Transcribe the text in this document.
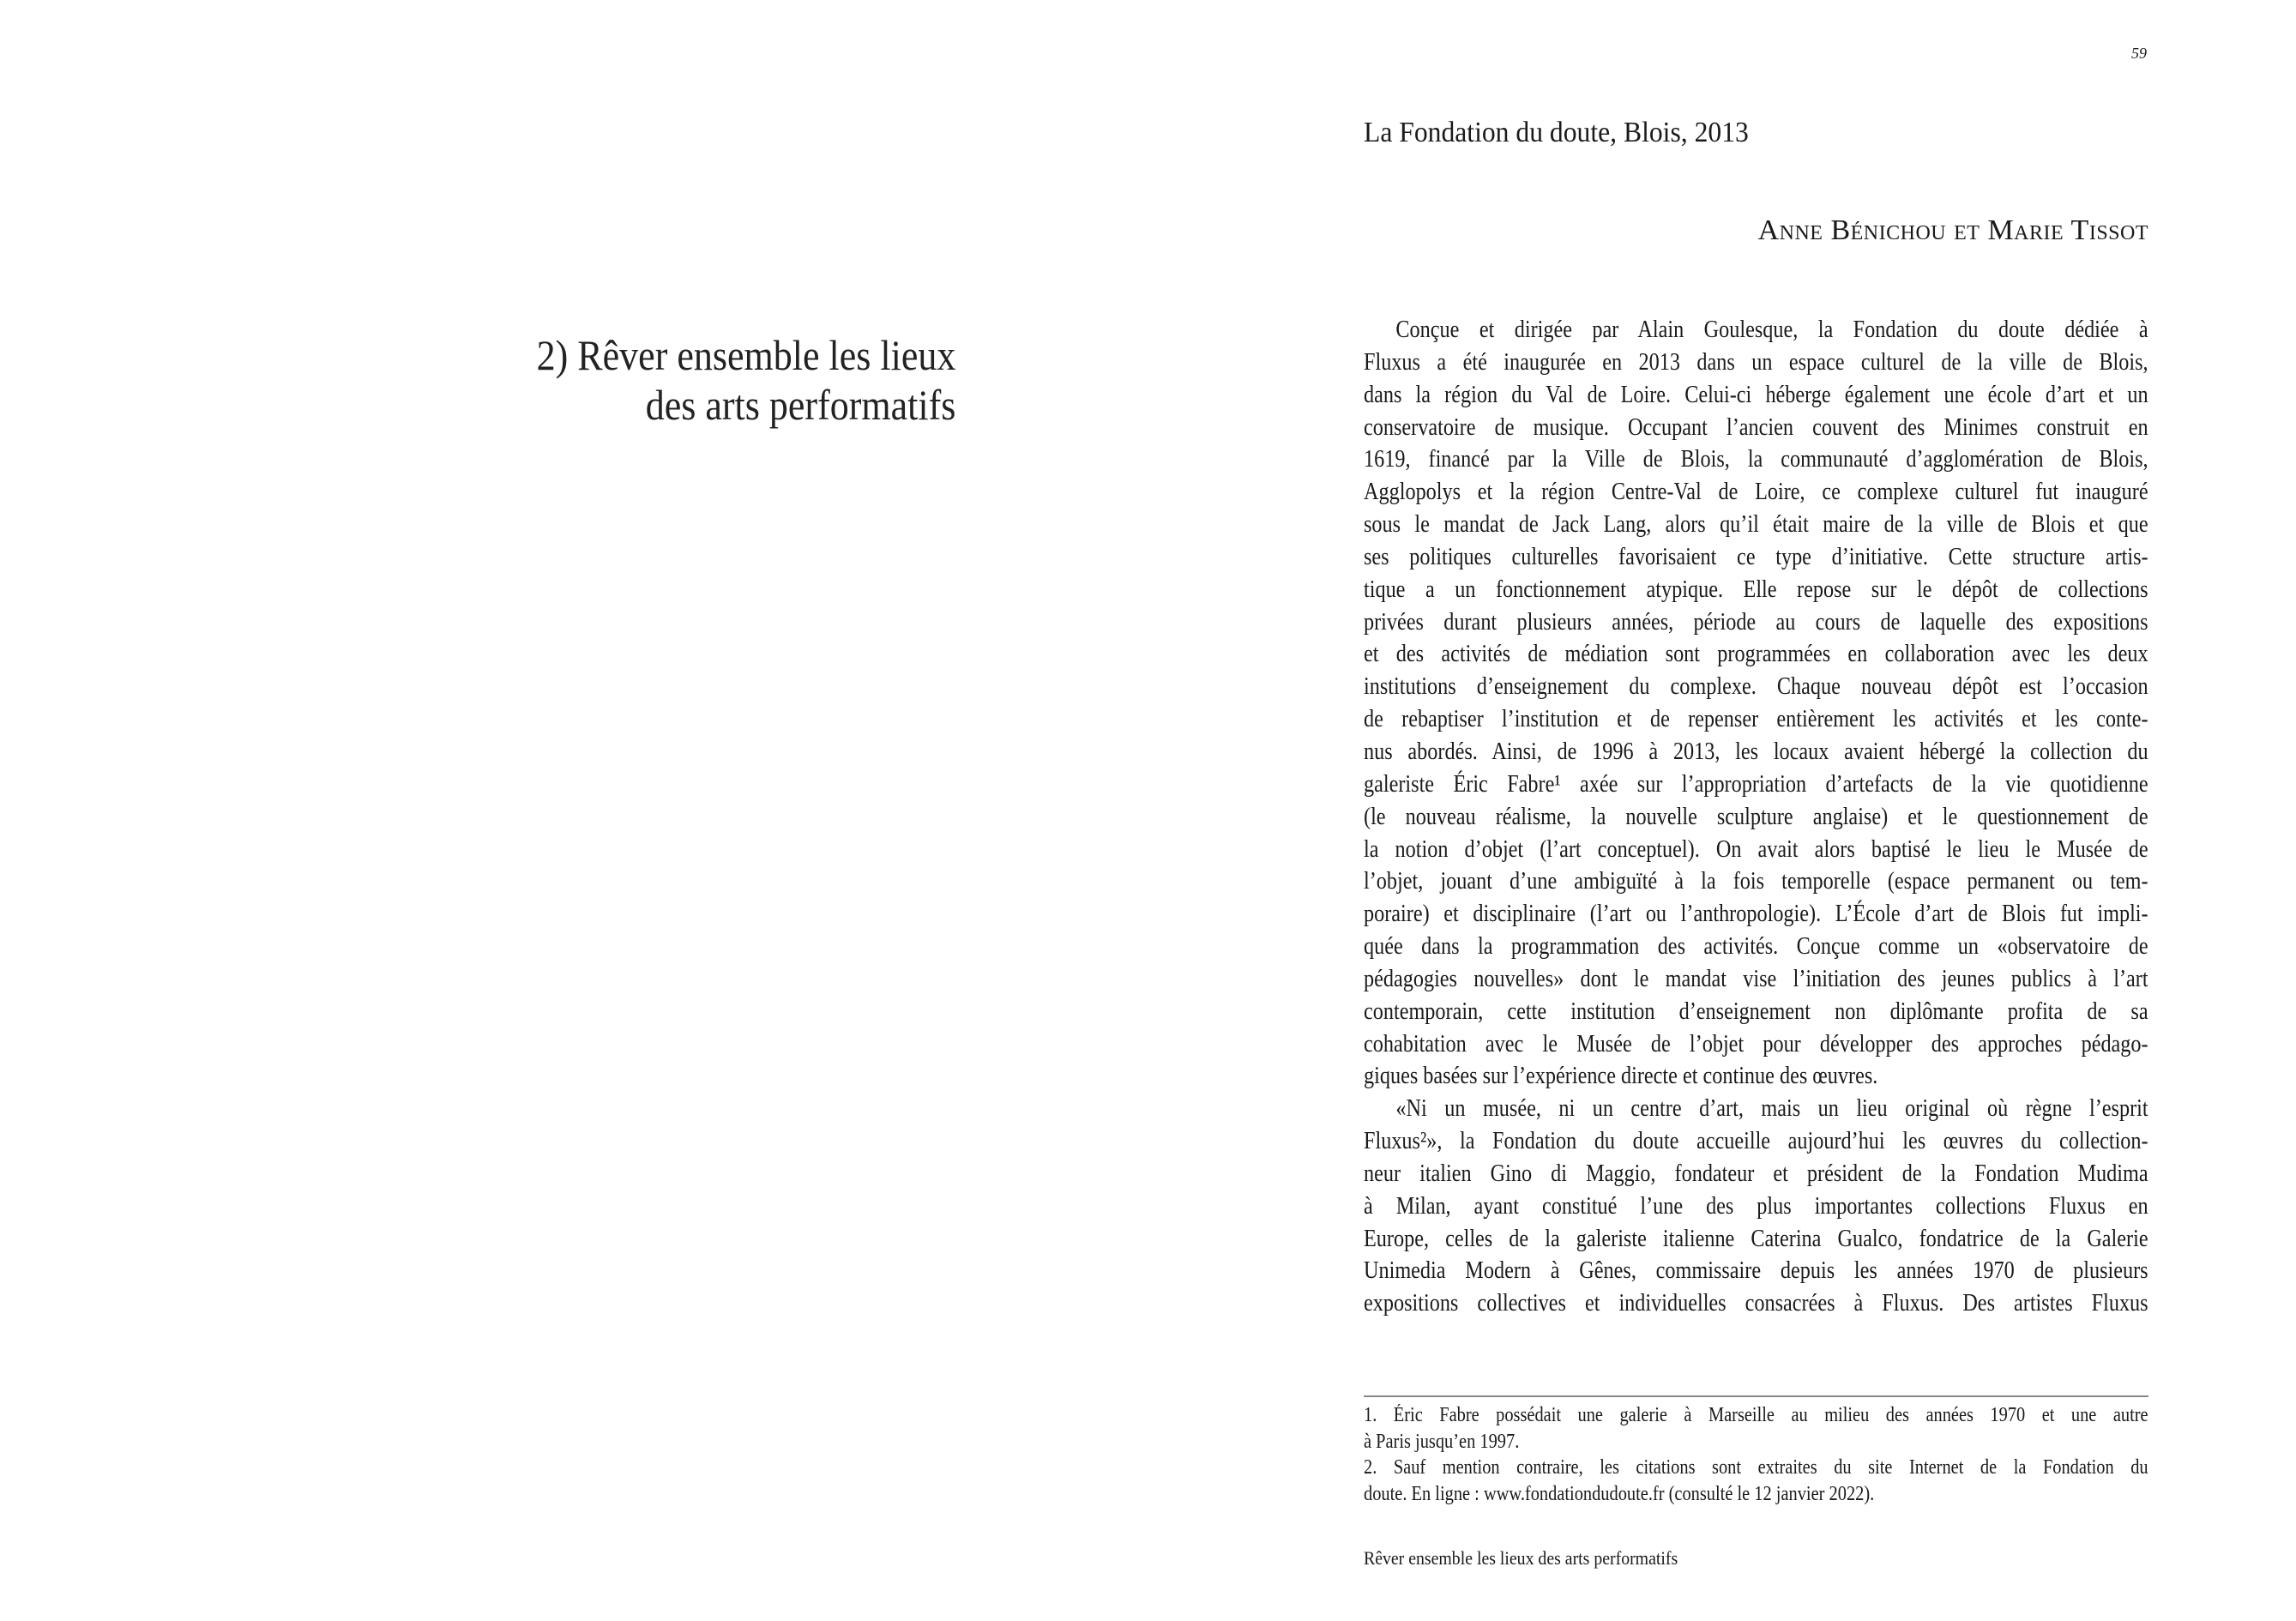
2) Rêver ensemble les lieux
des arts performatifs
59
La Fondation du doute, Blois, 2013
Anne Bénichou et Marie Tissot
Conçue et dirigée par Alain Goulesque, la Fondation du doute dédiée à
Fluxus a été inaugurée en 2013 dans un espace culturel de la ville de Blois,
dans la région du Val de Loire. Celui-ci héberge également une école d’art et un
conservatoire de musique. Occupant l’ancien couvent des Minimes construit en
1619, financé par la Ville de Blois, la communauté d’agglomération de Blois,
Agglopolys et la région Centre-Val de Loire, ce complexe culturel fut inauguré
sous le mandat de Jack Lang, alors qu’il était maire de la ville de Blois et que
ses politiques culturelles favorisaient ce type d’initiative. Cette structure artis-
tique a un fonctionnement atypique. Elle repose sur le dépôt de collections
privées durant plusieurs années, période au cours de laquelle des expositions
et des activités de médiation sont programmées en collaboration avec les deux
institutions d’enseignement du complexe. Chaque nouveau dépôt est l’occasion
de rebaptiser l’institution et de repenser entièrement les activités et les conte-
nus abordés. Ainsi, de 1996 à 2013, les locaux avaient hébergé la collection du
galeriste Éric Fabre¹ axée sur l’appropriation d’artefacts de la vie quotidienne
(le nouveau réalisme, la nouvelle sculpture anglaise) et le questionnement de
la notion d’objet (l’art conceptuel). On avait alors baptisé le lieu le Musée de
l’objet, jouant d’une ambiguïté à la fois temporelle (espace permanent ou tem-
poraire) et disciplinaire (l’art ou l’anthropologie). L’École d’art de Blois fut impli-
quée dans la programmation des activités. Conçue comme un «observatoire de
pédagogies nouvelles» dont le mandat vise l’initiation des jeunes publics à l’art
contemporain, cette institution d’enseignement non diplômante profita de sa
cohabitation avec le Musée de l’objet pour développer des approches pédago-
giques basées sur l’expérience directe et continue des œuvres.
«Ni un musée, ni un centre d’art, mais un lieu original où règne l’esprit
Fluxus²», la Fondation du doute accueille aujourd’hui les œuvres du collection-
neur italien Gino di Maggio, fondateur et président de la Fondation Mudima
à Milan, ayant constitué l’une des plus importantes collections Fluxus en
Europe, celles de la galeriste italienne Caterina Gualco, fondatrice de la Galerie
Unimedia Modern à Gênes, commissaire depuis les années 1970 de plusieurs
expositions collectives et individuelles consacrées à Fluxus. Des artistes Fluxus
1. Éric Fabre possédait une galerie à Marseille au milieu des années 1970 et une autre
à Paris jusqu’en 1997.
2. Sauf mention contraire, les citations sont extraites du site Internet de la Fondation du
doute. En ligne : www.fondationdudoute.fr (consulté le 12 janvier 2022).
Rêver ensemble les lieux des arts performatifs
